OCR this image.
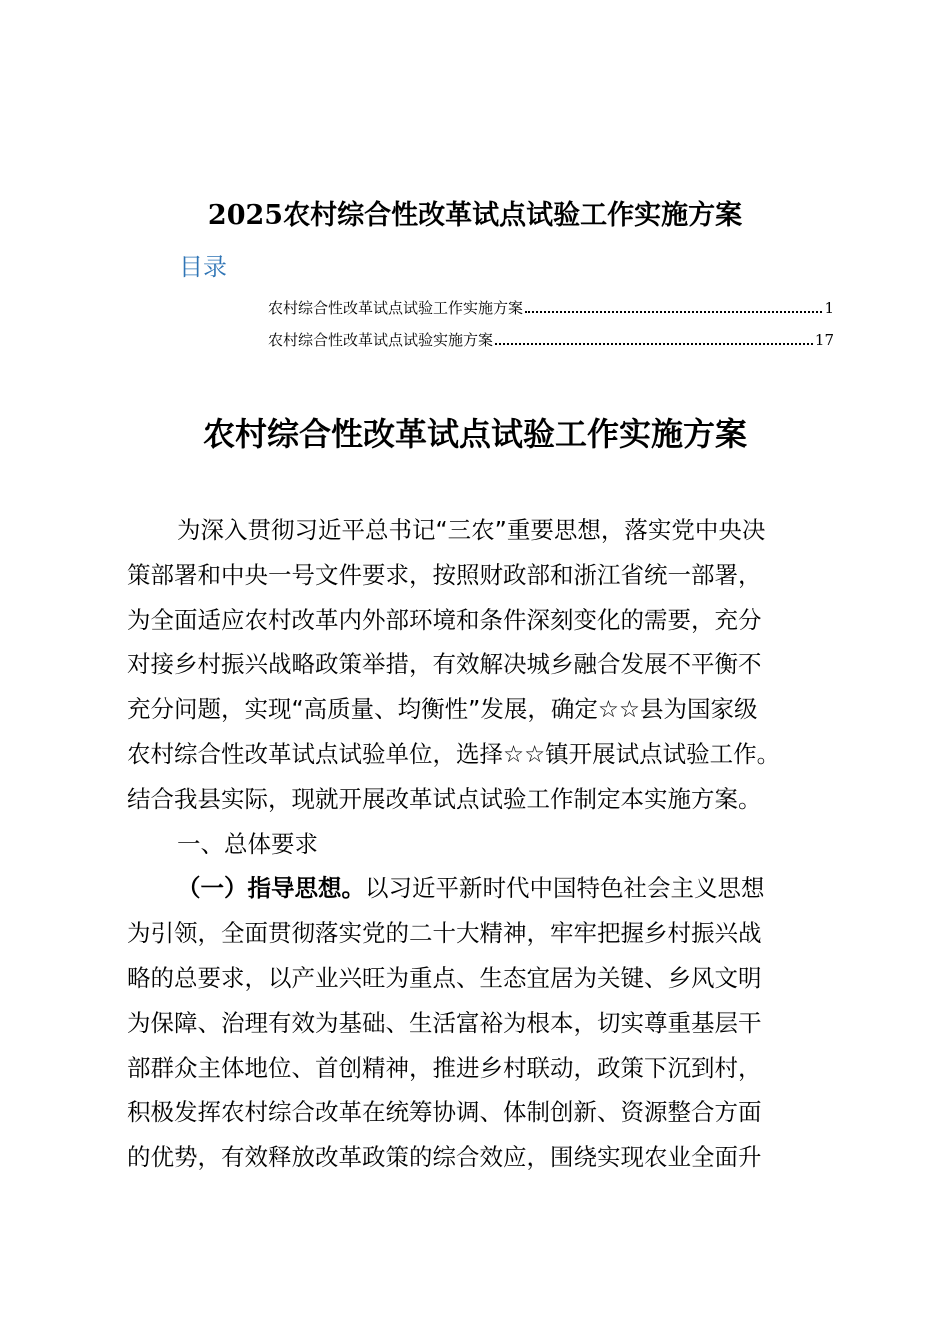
2025农村综合性改革试点试验工作实施方案
目录
农村综合性改革试点试验工作实施方案	1
农村综合性改革试点试验实施方案	17
农村综合性改革试点试验工作实施方案
为深入贯彻习近平总书记“三农”重要思想，落实党中央决
策部署和中央一号文件要求，按照财政部和浙江省统一部署，
为全面适应农村改革内外部环境和条件深刻变化的需要，充分
对接乡村振兴战略政策举措，有效解决城乡融合发展不平衡不
充分问题，实现“高质量、均衡性”发展，确定☆☆县为国家级
农村综合性改革试点试验单位，选择☆☆镇开展试点试验工作。
结合我县实际，现就开展改革试点试验工作制定本实施方案。
一、总体要求
（一）指导思想。以习近平新时代中国特色社会主义思想
为引领，全面贯彻落实党的二十大精神，牢牢把握乡村振兴战
略的总要求，以产业兴旺为重点、生态宜居为关键、乡风文明
为保障、治理有效为基础、生活富裕为根本，切实尊重基层干
部群众主体地位、首创精神，推进乡村联动，政策下沉到村，
积极发挥农村综合改革在统筹协调、体制创新、资源整合方面
的优势，有效释放改革政策的综合效应，围绕实现农业全面升
